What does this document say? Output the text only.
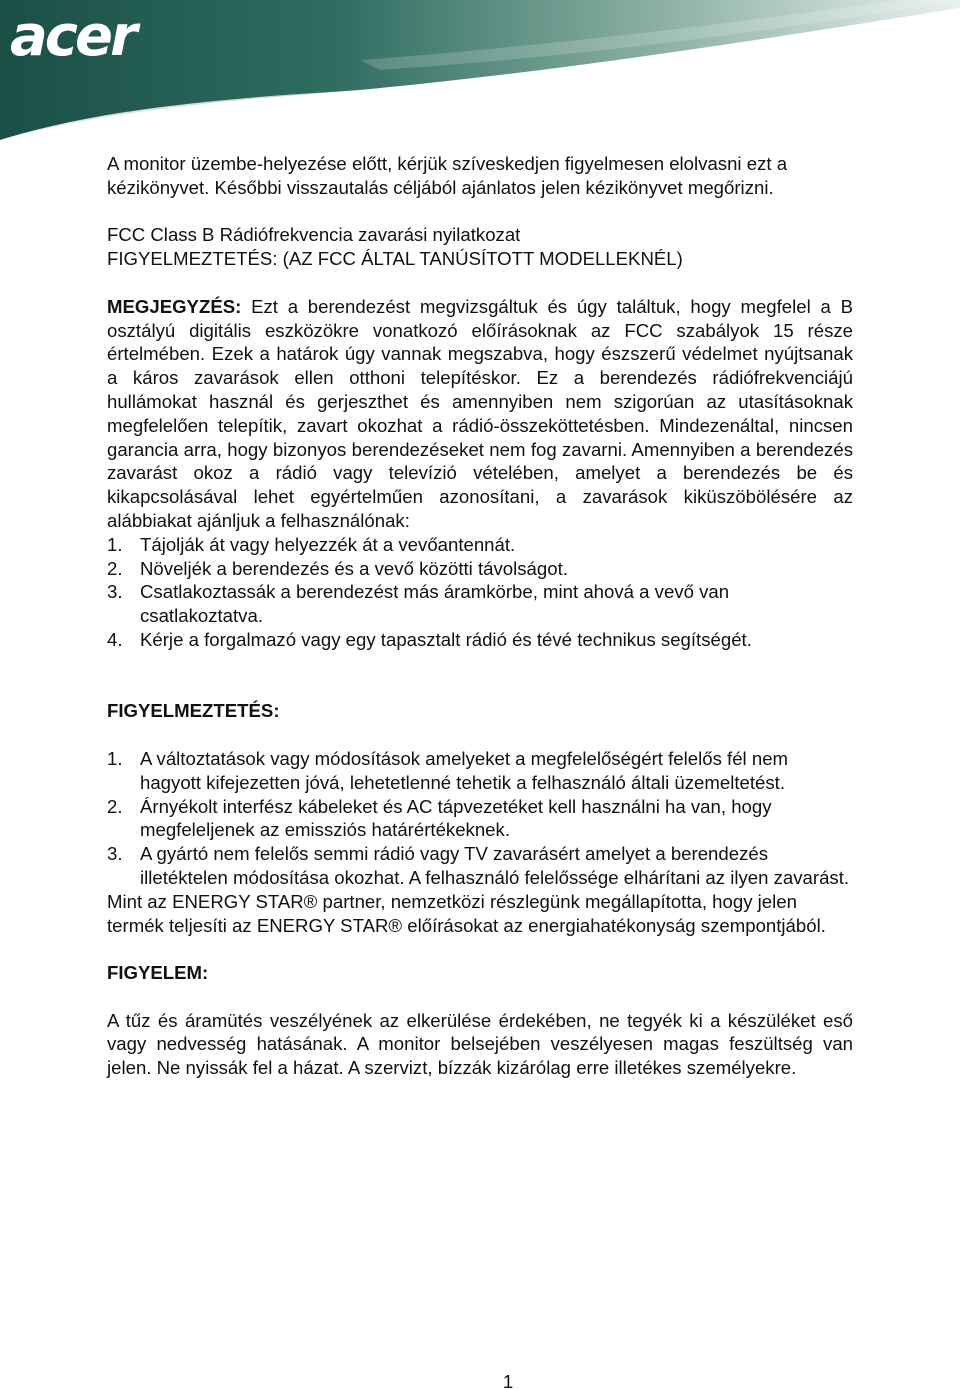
acer

A monitor üzembe-helyezése előtt, kérjük szíveskedjen figyelmesen elolvasni ezt a kézikönyvet. Későbbi visszautalás céljából ajánlatos jelen kézikönyvet megőrizni.

FCC Class B Rádiófrekvencia zavarási nyilatkozat

FIGYELMEZTETÉS: (AZ FCC ÁLTAL TANÚSÍTOTT MODELLEKNÉL)

MEGJEGYZÉS: Ezt a berendezést megvizsgáltuk és úgy találtuk, hogy megfelel a B osztályú digitális eszközökre vonatkozó előírásoknak az FCC szabályok 15 része értelmében. Ezek a határok úgy vannak megszabva, hogy észszerű védelmet nyújtsanak a káros zavarások ellen otthoni telepítéskor. Ez a berendezés rádiófrekvenciájú hullámokat használ és gerjeszthet és amennyiben nem szigorúan az utasításoknak megfelelően telepítik, zavart okozhat a rádió-összeköttetésben. Mindezenáltal, nincsen garancia arra, hogy bizonyos berendezéseket nem fog zavarni. Amennyiben a berendezés zavarást okoz a rádió vagy televízió vételében, amelyet a berendezés be és kikapcsolásával lehet egyértelműen azonosítani, a zavarások kiküszöbölésére az alábbiakat ajánljuk a felhasználónak:

1. Tájolják át vagy helyezzék át a vevőantennát.
2. Növeljék a berendezés és a vevő közötti távolságot.
3. Csatlakoztassák a berendezést más áramkörbe, mint ahová a vevő van csatlakoztatva.
4. Kérje a forgalmazó vagy egy tapasztalt rádió és tévé technikus segítségét.

FIGYELMEZTETÉS:

1. A változtatások vagy módosítások amelyeket a megfelelőségért felelős fél nem hagyott kifejezetten jóvá, lehetetlenné tehetik a felhasználó általi üzemeltetést.
2. Árnyékolt interfész kábeleket és AC tápvezetéket kell használni ha van, hogy megfeleljenek az emissziós határértékeknek.
3. A gyártó nem felelős semmi rádió vagy TV zavarásért amelyet a berendezés illetéktelen módosítása okozhat. A felhasználó felelőssége elhárítani az ilyen zavarást.

Mint az ENERGY STAR® partner, nemzetközi részlegünk megállapította, hogy jelen termék teljesíti az ENERGY STAR® előírásokat az energiahatékonyság szempontjából.

FIGYELEM:

A tűz és áramütés veszélyének az elkerülése érdekében, ne tegyék ki a készüléket eső vagy nedvesség hatásának. A monitor belsejében veszélyesen magas feszültség van jelen. Ne nyissák fel a házat. A szervizt, bízzák kizárólag erre illetékes személyekre.

1
